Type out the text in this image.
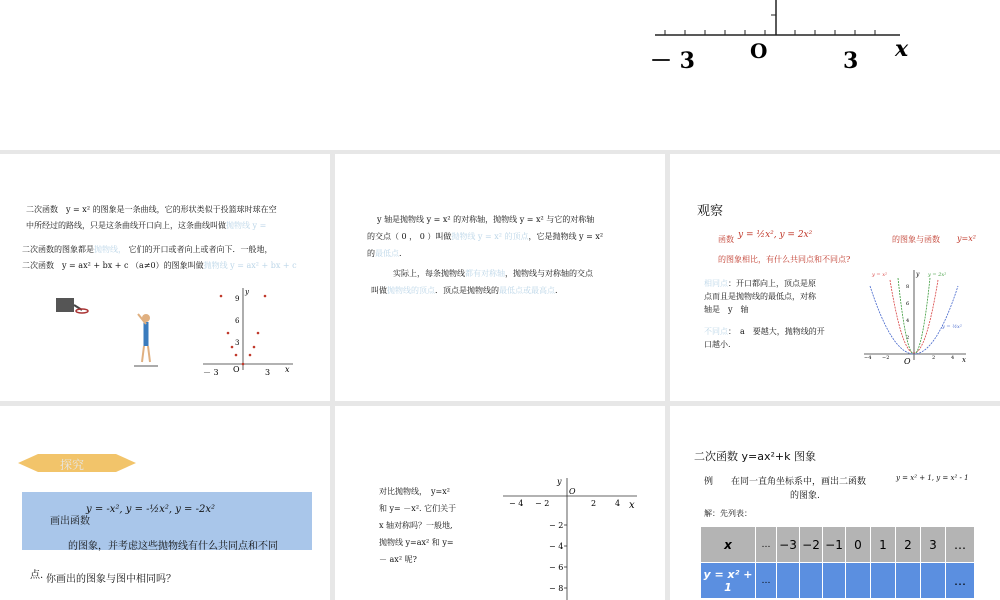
－ 3	O	3 x
二次函数　y = x² 的图象是一条曲线，它的形状类似于投篮球时球在空
中所经过的路线，只是这条曲线开口向上，这条曲线叫做抛物线 y =
二次函数的图象都是抛物线， 它们的开口或者向上或者向下．一般地，
二次函数　y = ax² + bx + c （a≠0）的图象叫做抛物线 y = ax² + bx + c
y
x
9
6
3
－ 3 O	3
y 轴是抛物线 y = x² 的对称轴，抛物线 y = x² 与它的对称轴
的交点（ 0 ， 0 ）叫做抛物线 y = x² 的顶点，它是抛物线 y = x²
的最低点.
实际上，每条抛物线都有对称轴，抛物线与对称轴的交点
叫做抛物线的顶点．顶点是抛物线的最低点或最高点.
观察
函数 y = ½x², y = 2x²	的图象与函数 y=x²
的图象相比，有什么共同点和不同点?
相同点：开口都向上，顶点是原
点而且是抛物线的最低点，对称
轴是　y　轴
不同点：　a　要越大，抛物线的开
口越小.
y
x
O
8
6
4
2
−4 −2	2	4
y = x²	y = 2x²
y = ½x²
探究
画出函数
y = -x², y = -½x², y = -2x²
的图象，并考虑这些抛物线有什么共同点和不同
点. 你画出的图象与图中相同吗？
对比抛物线，　y=x²
和 y= －x². 它们关于
x 轴对称吗？一般地,
抛物线 y=ax² 和 y=
－ ax² 呢?
y
x
O
− 4 − 2	2 4
− 2
− 4
− 6
− 8
二次函数 y=ax²+k 图象
例　　在同一直角坐标系中，画出二函数	y = x² + 1, y = x² - 1
的图象.
解：先列表：
x	…	−3	−2	−1	0	1	2	3	…
y = x² + 1	…								…
